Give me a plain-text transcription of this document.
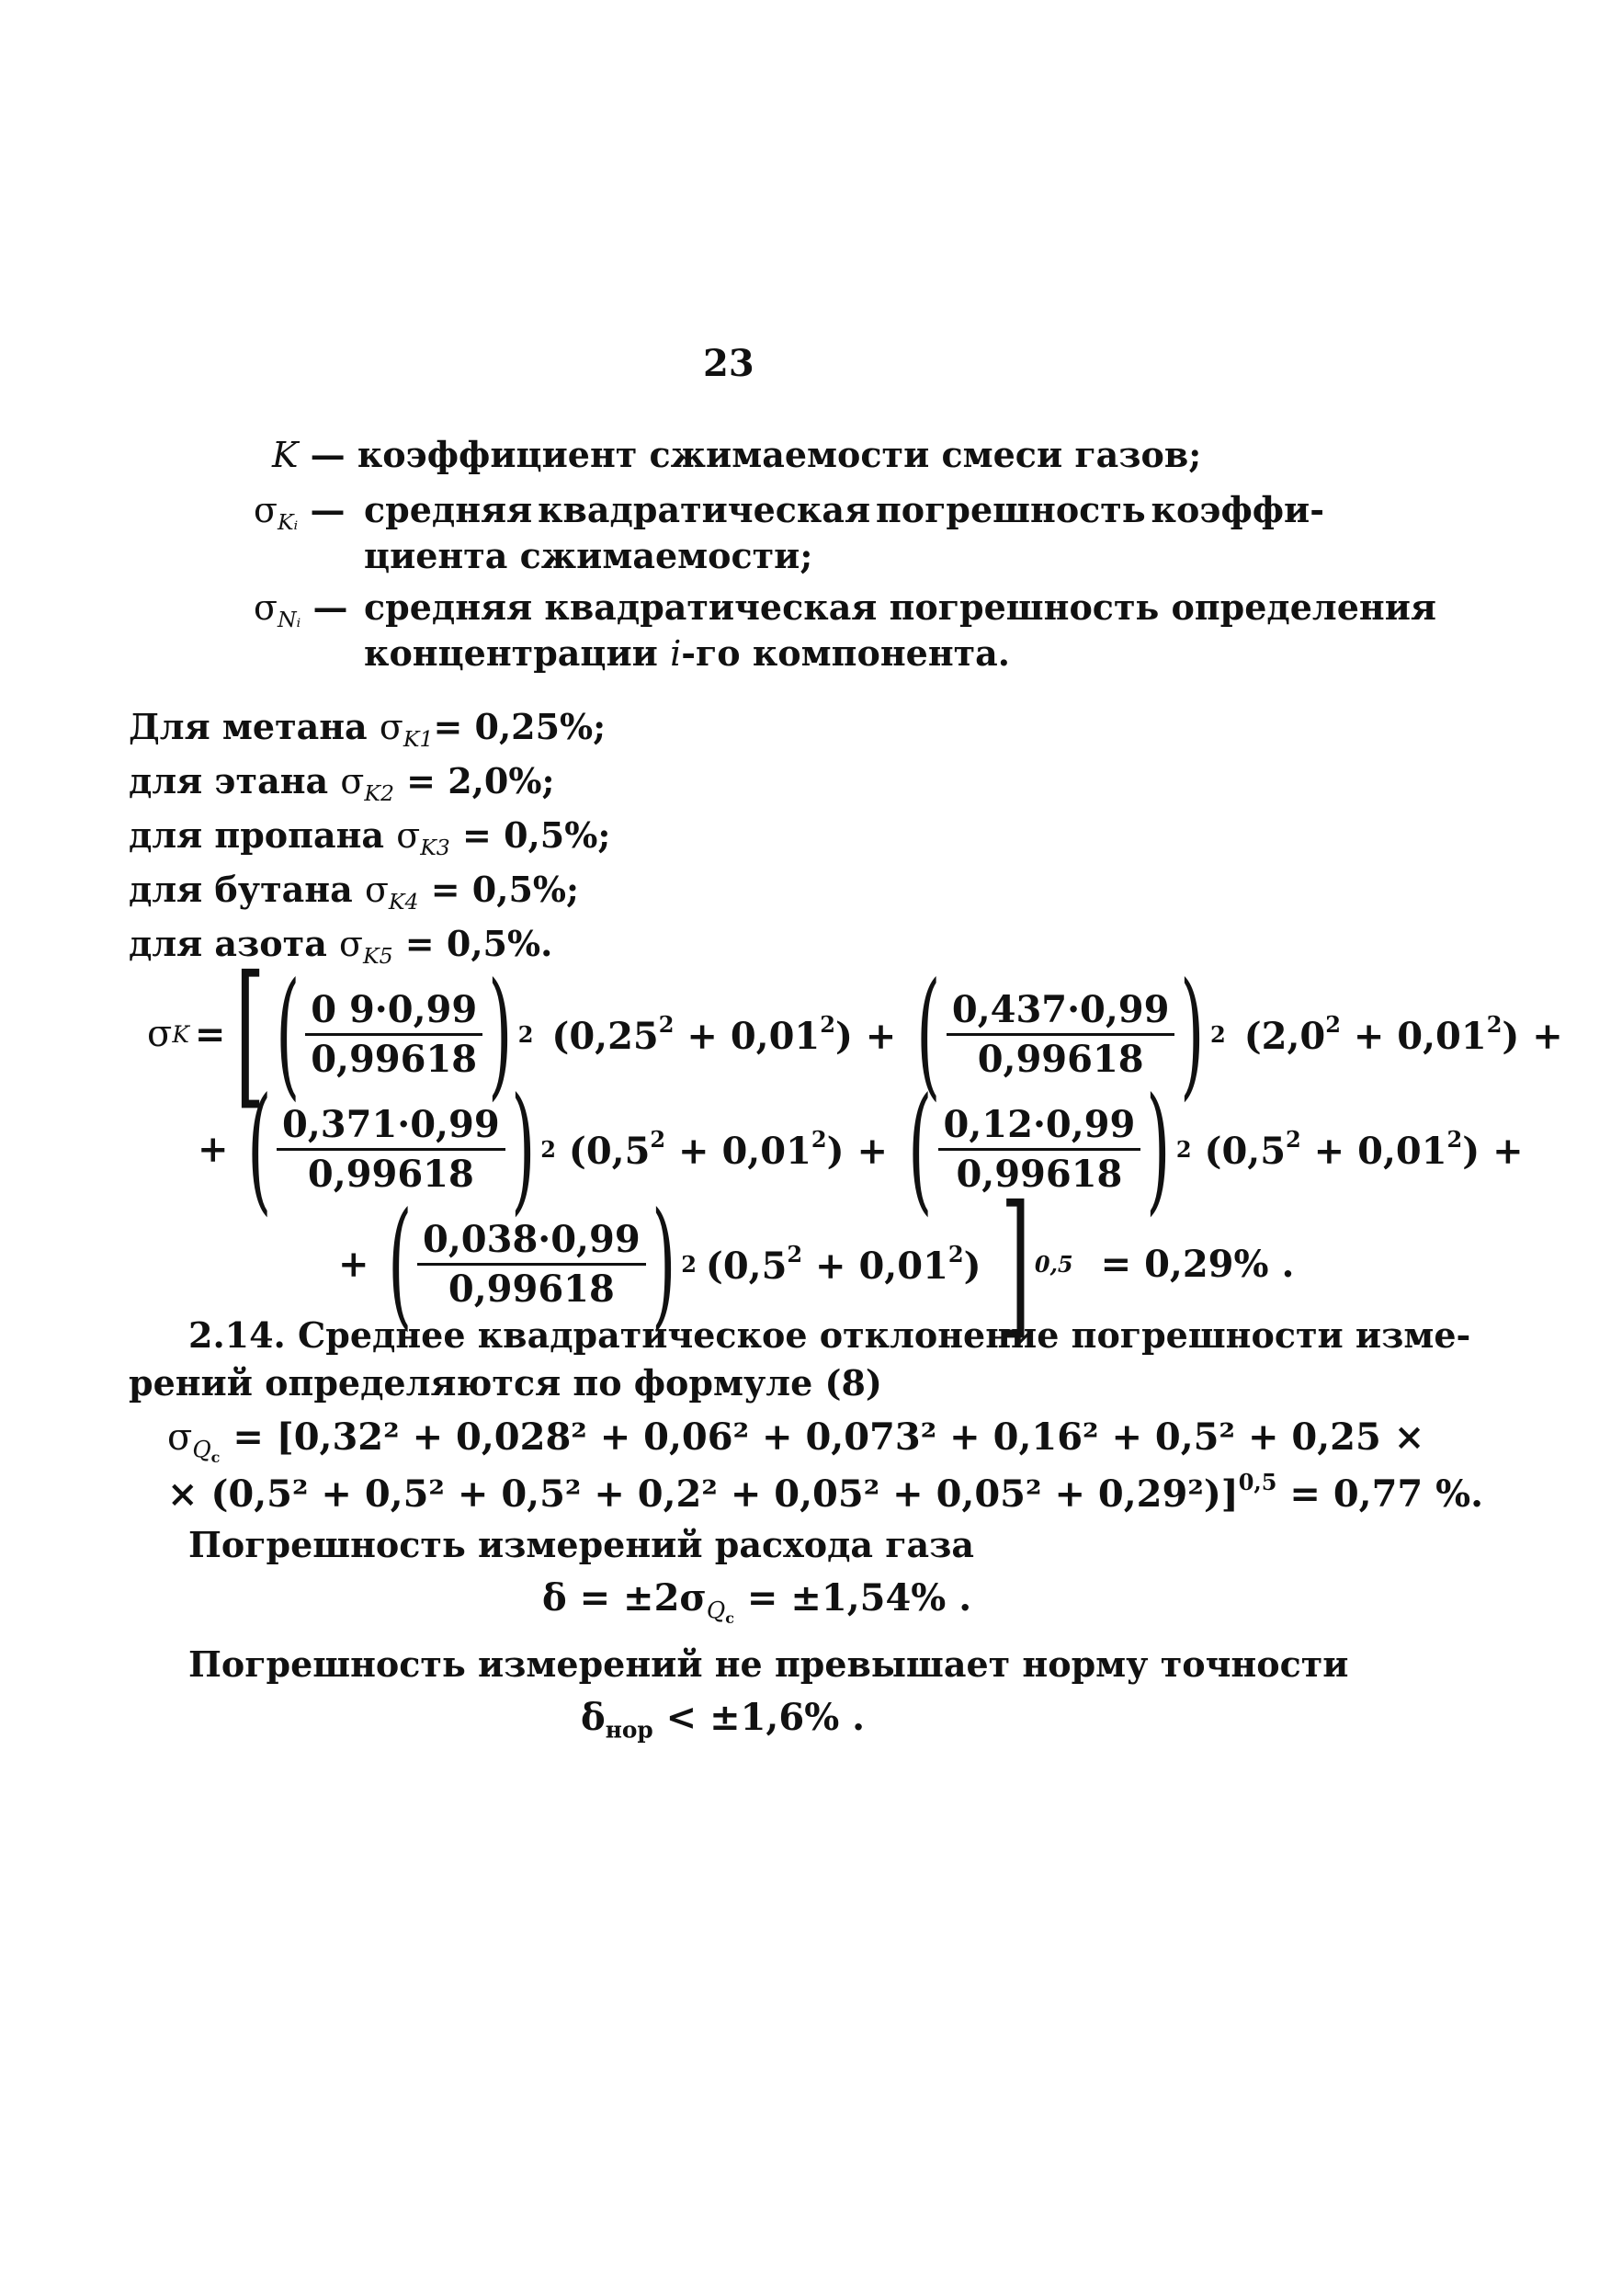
23
K — коэффициент сжимаемости смеси газов;
$\sigma_{Kᵢ}$ — средняя квадратическая погрешность коэффи-
циента сжимаемости;
$\sigma_{Nᵢ}$ — средняя квадратическая погрешность определения
концентрации i-го компонента.
Для метана $\sigma_{K1}= 0,25\%$;
для этана $\sigma_{K2} = 2,0\%$;
для пропана $\sigma_{K3} = 0,5\%$;
для бутана $\sigma_{K4} = 0,5\%$;
для азота $\sigma_{K5} = 0,5\%$.
σ K = [ ( $\frac{0 9\cdot 0,99}{0,99618}$ ) 2 $(0,25^2 + 0,01^2)$ + ( $\frac{0,437\cdot 0,99}{0,99618}$ ) 2 $(2,0^2 + 0,01^2)$ +
+ ( $\frac{0,371\cdot 0,99}{0,99618}$ ) 2 $(0,5^2 + 0,01^2)$ + ( $\frac{0,12\cdot 0,99}{0,99618}$ ) 2 $(0,5^2 + 0,01^2)$ +
+ ( $\frac{0,038\cdot 0,99}{0,99618}$ ) 2 $(0,5^2 + 0,01^2)$ ] 0,5 = 0,29% .
2.14. Среднее квадратическое отклонение погрешности изме-
рений определяются по формуле (8)
$\sigma_{Qc} = [0,32^2 + 0,028^2 + 0,06^2 + 0,073^2 + 0,16^2 + 0,5^2 + 0,25$ ×
× (0,5² + 0,5² + 0,5² + 0,2² + 0,05² + 0,05² + 0,29²)]$^{0,5}$ = 0,77 %.
Погрешность измерений расхода газа
$\delta = \pm 2\sigma_{Qc} = \pm 1,54\%$ .
Погрешность измерений не превышает норму точности
$\delta_{нор} < \pm 1,6\%$ .
